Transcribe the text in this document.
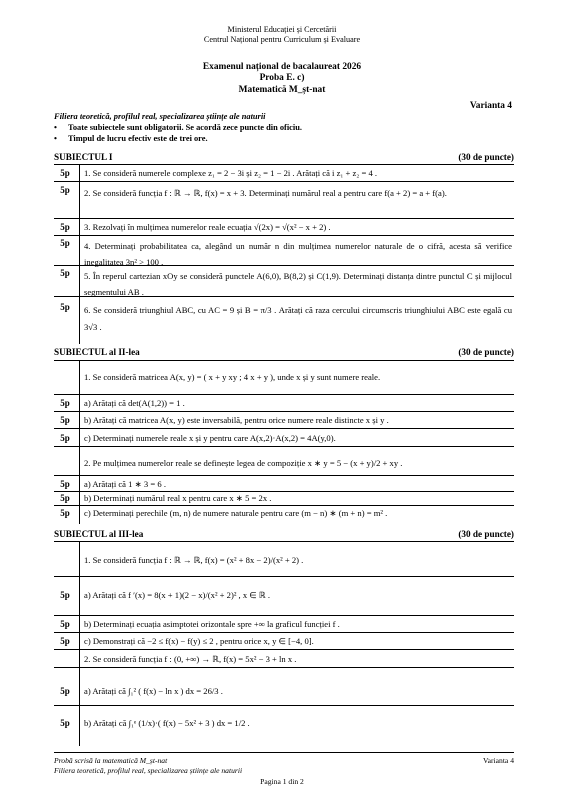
Ministerul Educației și Cercetării
Centrul Național pentru Curriculum și Evaluare
Examenul național de bacalaureat 2026
Proba E. c)
Matematică M_șt-nat
Varianta 4
Filiera teoretică, profilul real, specializarea științe ale naturii
• Toate subiectele sunt obligatorii. Se acordă zece puncte din oficiu.
• Timpul de lucru efectiv este de trei ore.
SUBIECTUL I	(30 de puncte)
5p	1. Se consideră numerele complexe z₁ = 2 − 3i și z₂ = 1 − 2i . Arătați că i z₁ + z₂ = 4 .
5p	2. Se consideră funcția f : ℝ → ℝ, f(x) = x + 3. Determinați numărul real a pentru care f(a + 2) = a + f(a).
5p	3. Rezolvați în mulțimea numerelor reale ecuația √(2x) = √(x² − x + 2) .
5p	4. Determinați probabilitatea ca, alegând un număr n din mulțimea numerelor naturale de o cifră, acesta să verifice inegalitatea 3n² > 100 .
5p	5. În reperul cartezian xOy se consideră punctele A(6,0), B(8,2) și C(1,9). Determinați distanța dintre punctul C și mijlocul segmentului AB .
5p	6. Se consideră triunghiul ABC, cu AC = 9 și B = π/3 . Arătați că raza cercului circumscris triunghiului ABC este egală cu 3√3 .
SUBIECTUL al II-lea	(30 de puncte)
1. Se consideră matricea A(x, y) = ( x + y xy ; 4 x + y ), unde x și y sunt numere reale.
5p	a) Arătați că det(A(1,2)) = 1 .
5p	b) Arătați că matricea A(x, y) este inversabilă, pentru orice numere reale distincte x și y .
5p	c) Determinați numerele reale x și y pentru care A(x,2)·A(x,2) = 4A(y,0).
2. Pe mulțimea numerelor reale se definește legea de compoziție x ∗ y = 5 − (x + y)/2 + xy .
5p	a) Arătați că 1 ∗ 3 = 6 .
5p	b) Determinați numărul real x pentru care x ∗ 5 = 2x .
5p	c) Determinați perechile (m, n) de numere naturale pentru care (m − n) ∗ (m + n) = m² .
SUBIECTUL al III-lea	(30 de puncte)
1. Se consideră funcția f : ℝ → ℝ, f(x) = (x² + 8x − 2)/(x² + 2) .
5p	a) Arătați că f ′(x) = 8(x + 1)(2 − x)/(x² + 2)² , x ∈ ℝ .
5p	b) Determinați ecuația asimptotei orizontale spre +∞ la graficul funcției f .
5p	c) Demonstrați că −2 ≤ f(x) − f(y) ≤ 2 , pentru orice x, y ∈ [−4, 0].
2. Se consideră funcția f : (0, +∞) → ℝ, f(x) = 5x² − 3 + ln x .
5p	a) Arătați că ∫₁² ( f(x) − ln x ) dx = 26/3 .
5p	b) Arătați că ∫₁ᵉ (1/x)·( f(x) − 5x² + 3 ) dx = 1/2 .
Probă scrisă la matematică M_șt-nat
Filiera teoretică, profilul real, specializarea științe ale naturii
Varianta 4
Pagina 1 din 2
